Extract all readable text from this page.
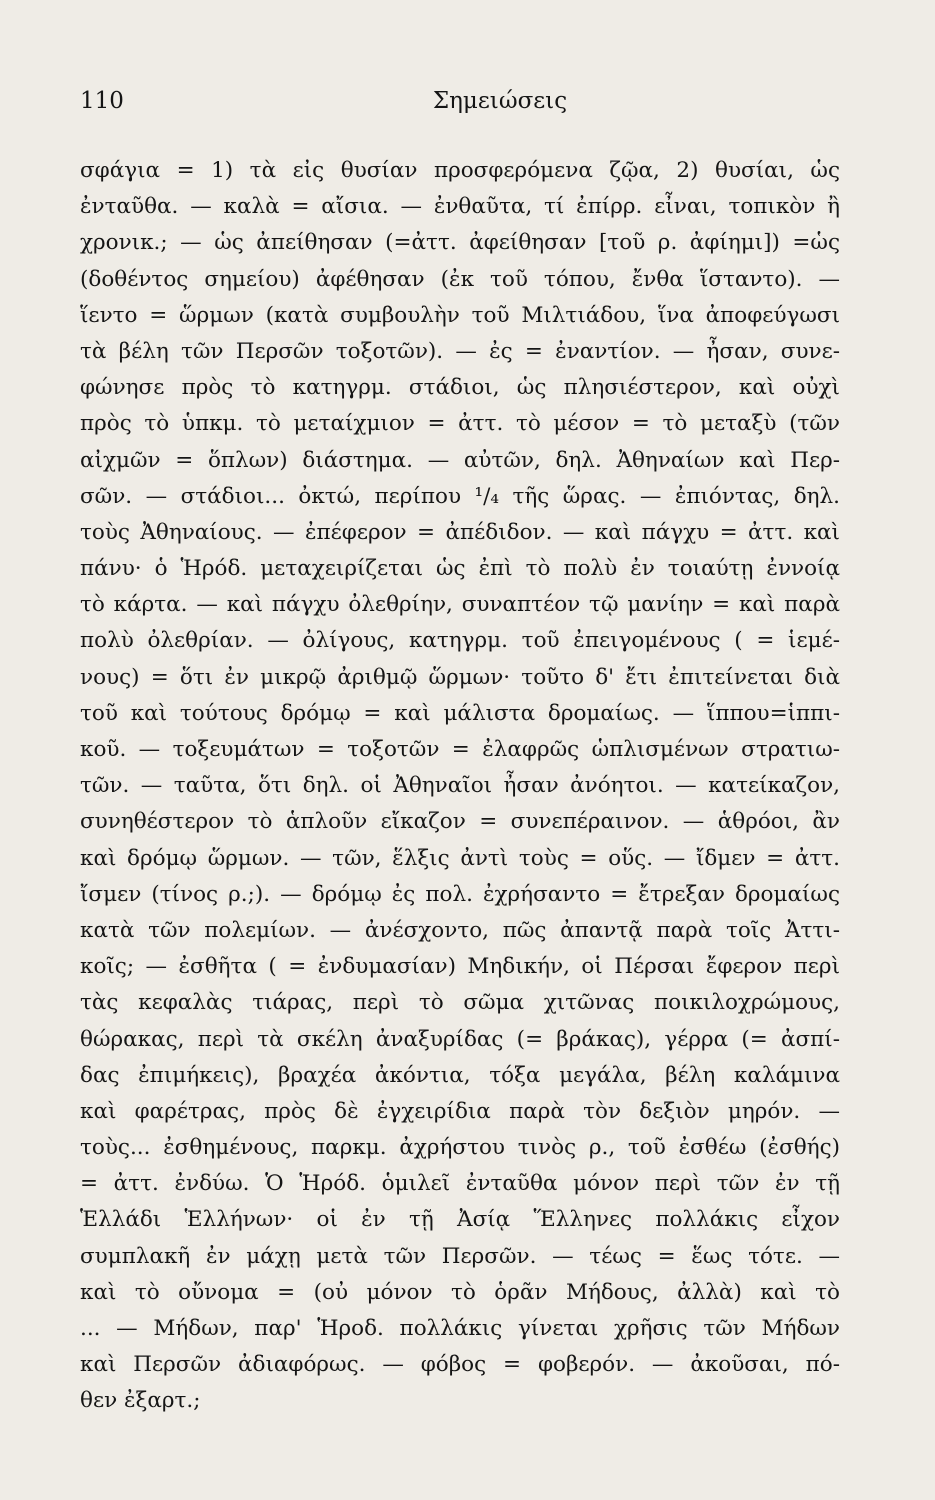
110	Σημειώσεις
σφάγια = 1) τὰ εἰς θυσίαν προσφερόμενα ζῷα, 2) θυσίαι, ὡς
ἐνταῦθα. — καλὰ = αἴσια. — ἐνθαῦτα, τί ἐπίρρ. εἶναι, τοπικὸν ἢ
χρονικ.; — ὡς ἀπείθησαν (=ἀττ. ἀφείθησαν [τοῦ ρ. ἀφίημι]) =ὡς
(δοθέντος σημείου) ἀφέθησαν (ἐκ τοῦ τόπου, ἔνθα ἵσταντο). —
ἵεντο = ὥρμων (κατὰ συμβουλὴν τοῦ Μιλτιάδου, ἵνα ἀποφεύγωσι
τὰ βέλη τῶν Περσῶν τοξοτῶν). — ἐς = ἐναντίον. — ἦσαν, συνε-
φώνησε πρὸς τὸ κατηγρμ. στάδιοι, ὡς πλησιέστερον, καὶ οὐχὶ
πρὸς τὸ ὑπκμ. τὸ μεταίχμιον = ἀττ. τὸ μέσον = τὸ μεταξὺ (τῶν
αἰχμῶν = ὅπλων) διάστημα. — αὐτῶν, δηλ. Ἀθηναίων καὶ Περ-
σῶν. — στάδιοι... ὀκτώ, περίπου ¹/₄ τῆς ὥρας. — ἐπιόντας, δηλ.
τοὺς Ἀθηναίους. — ἐπέφερον = ἀπέδιδον. — καὶ πάγχυ = ἀττ. καὶ
πάνυ· ὁ Ἡρόδ. μεταχειρίζεται ὡς ἐπὶ τὸ πολὺ ἐν τοιαύτῃ ἐννοίᾳ
τὸ κάρτα. — καὶ πάγχυ ὀλεθρίην, συναπτέον τῷ μανίην = καὶ παρὰ
πολὺ ὀλεθρίαν. — ὀλίγους, κατηγρμ. τοῦ ἐπειγομένους ( = ἱεμέ-
νους) = ὅτι ἐν μικρῷ ἀριθμῷ ὥρμων· τοῦτο δ' ἔτι ἐπιτείνεται διὰ
τοῦ καὶ τούτους δρόμῳ = καὶ μάλιστα δρομαίως. — ἵππου=ἱππι-
κοῦ. — τοξευμάτων = τοξοτῶν = ἐλαφρῶς ὡπλισμένων στρατιω-
τῶν. — ταῦτα, ὅτι δηλ. οἱ Ἀθηναῖοι ἦσαν ἀνόητοι. — κατείκαζον,
συνηθέστερον τὸ ἁπλοῦν εἴκαζον = συνεπέραινον. — ἁθρόοι, ἂν
καὶ δρόμῳ ὥρμων. — τῶν, ἕλξις ἀντὶ τοὺς = οὕς. — ἴδμεν = ἀττ.
ἴσμεν (τίνος ρ.;). — δρόμῳ ἐς πολ. ἐχρήσαντο = ἔτρεξαν δρομαίως
κατὰ τῶν πολεμίων. — ἀνέσχοντο, πῶς ἀπαντᾷ παρὰ τοῖς Ἀττι-
κοῖς; — ἐσθῆτα ( = ἐνδυμασίαν) Μηδικήν, οἱ Πέρσαι ἔφερον περὶ
τὰς κεφαλὰς τιάρας, περὶ τὸ σῶμα χιτῶνας ποικιλοχρώμους,
θώρακας, περὶ τὰ σκέλη ἀναξυρίδας (= βράκας), γέρρα (= ἀσπί-
δας ἐπιμήκεις), βραχέα ἀκόντια, τόξα μεγάλα, βέλη καλάμινα
καὶ φαρέτρας, πρὸς δὲ ἐγχειρίδια παρὰ τὸν δεξιὸν μηρόν. —
τοὺς... ἐσθημένους, παρκμ. ἀχρήστου τινὸς ρ., τοῦ ἐσθέω (ἐσθής)
= ἀττ. ἐνδύω. Ὁ Ἡρόδ. ὁμιλεῖ ἐνταῦθα μόνον περὶ τῶν ἐν τῇ
Ἑλλάδι Ἑλλήνων· οἱ ἐν τῇ Ἀσίᾳ Ἕλληνες πολλάκις εἶχον
συμπλακῆ ἐν μάχῃ μετὰ τῶν Περσῶν. — τέως = ἕως τότε. —
καὶ τὸ οὔνομα = (οὐ μόνον τὸ ὁρᾶν Μήδους, ἀλλὰ) καὶ τὸ
... — Μήδων, παρ' Ἡροδ. πολλάκις γίνεται χρῆσις τῶν Μήδων
καὶ Περσῶν ἀδιαφόρως. — φόβος = φοβερόν. — ἀκοῦσαι, πό-
θεν ἐξαρτ.;
